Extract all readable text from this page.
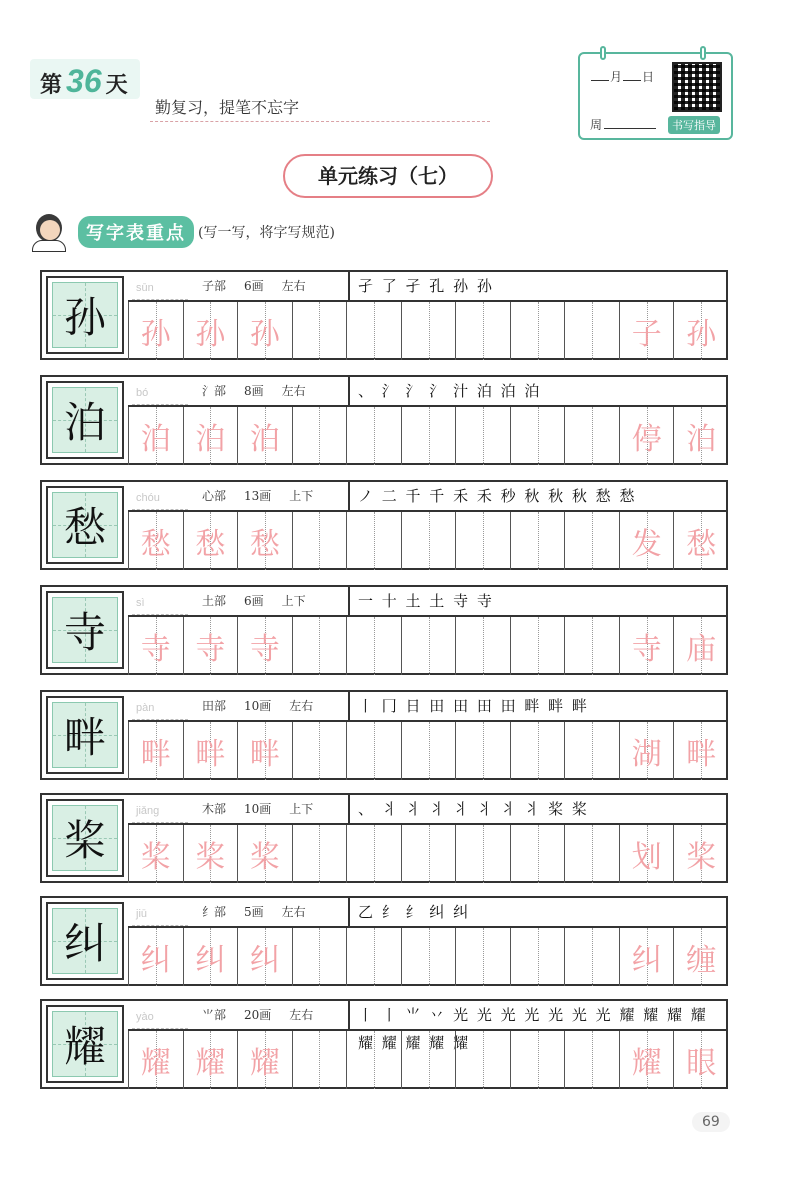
第 36 天
勤复习，提笔不忘字
月 日
周	书写指导
单元练习（七）
写字表重点 (写一写，将字写规范)
孙
sūn	子部 6画 左右	孑 了 孑 孔 孙 孙
孙 孙 孙	子 孙
泊
bó	氵部 8画 左右	、 氵 氵 氵 汁 泊 泊 泊
泊 泊 泊	停 泊
愁
chóu	心部 13画 上下	ノ 二 千 千 禾 禾 秒 秋 秋 秋 愁 愁
愁 愁 愁	发 愁
寺
sì	土部 6画 上下	一 十 土 土 寺 寺
寺 寺 寺	寺 庙
畔
pàn	田部 10画 左右	丨 冂 日 田 田 田 田 畔 畔 畔
畔 畔 畔	湖 畔
桨
jiǎng	木部 10画 上下	、 丬 丬 丬 丬 丬 丬 丬 桨 桨
桨 桨 桨	划 桨
纠
jiū	纟部 5画 左右	乙 纟 纟 纠 纠
纠 纠 纠	纠 缠
耀
yào	⺌部 20画 左右	丨 丨 ⺌ 丷 光 光 光 光 光 光 光 耀 耀 耀 耀 耀 耀 耀 耀 耀
耀 耀 耀	耀 眼
69
